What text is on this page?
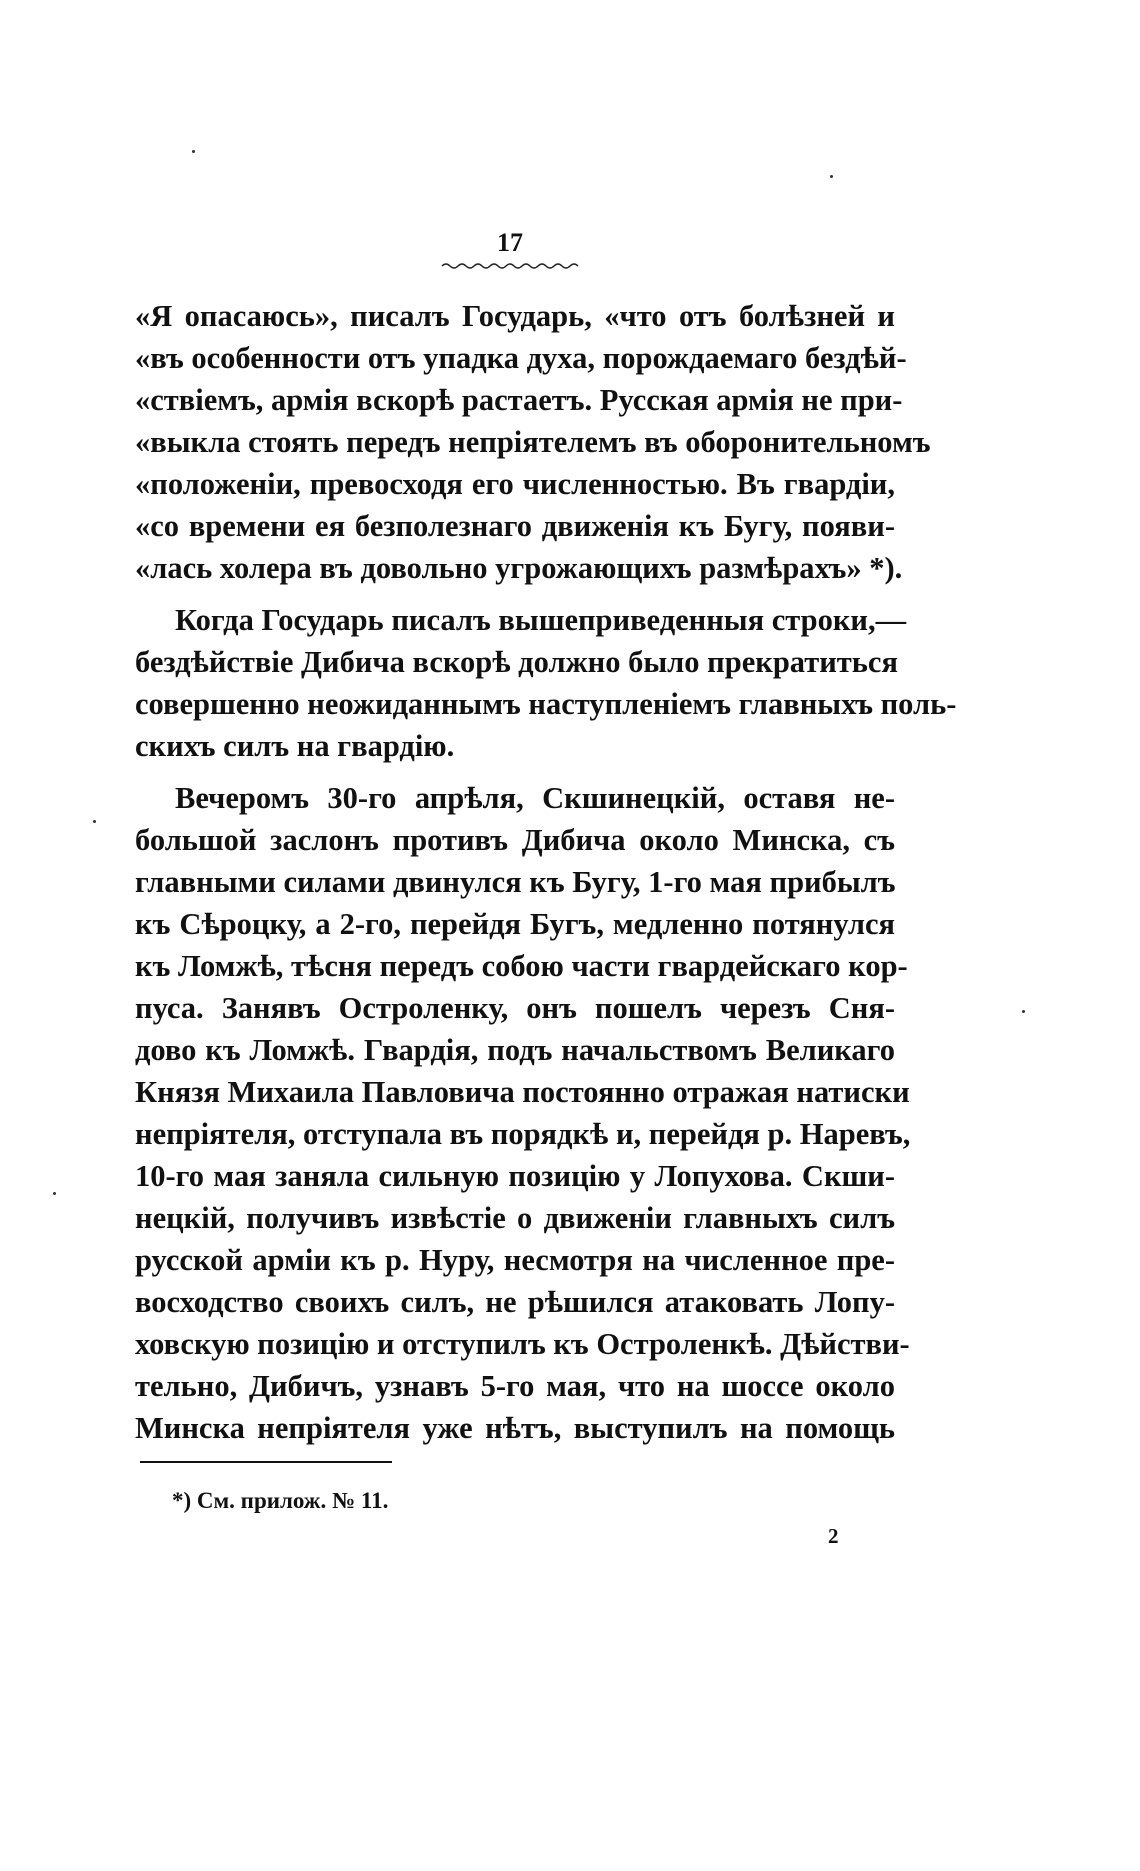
17
«Я опасаюсь», писалъ Государь, «что отъ болѣзней и
«въ особенности отъ упадка духа, порождаемаго бездѣй-
«ствіемъ, армія вскорѣ растаетъ. Русская армія не при-
«выкла стоять передъ непріятелемъ въ оборонительномъ
«положеніи, превосходя его численностью. Въ гвардіи,
«со времени ея безполезнаго движенія къ Бугу, появи-
«лась холера въ довольно угрожающихъ размѣрахъ» *).
Когда Государь писалъ вышеприведенныя строки,—
бездѣйствіе Дибича вскорѣ должно было прекратиться
совершенно неожиданнымъ наступленіемъ главныхъ поль-
скихъ силъ на гвардію.
Вечеромъ 30-го апрѣля, Скшинецкій, оставя не-
большой заслонъ противъ Дибича около Минска, съ
главными силами двинулся къ Бугу, 1-го мая прибылъ
къ Сѣроцку, а 2-го, перейдя Бугъ, медленно потянулся
къ Ломжѣ, тѣсня передъ собою части гвардейскаго кор-
пуса. Занявъ Остроленку, онъ пошелъ черезъ Сня-
дово къ Ломжѣ. Гвардія, подъ начальствомъ Великаго
Князя Михаила Павловича постоянно отражая натиски
непріятеля, отступала въ порядкѣ и, перейдя р. Наревъ,
10-го мая заняла сильную позицію у Лопухова. Скши-
нецкій, получивъ извѣстіе о движеніи главныхъ силъ
русской арміи къ р. Нуру, несмотря на численное пре-
восходство своихъ силъ, не рѣшился атаковать Лопу-
ховскую позицію и отступилъ къ Остроленкѣ. Дѣйстви-
тельно, Дибичъ, узнавъ 5-го мая, что на шоссе около
Минска непріятеля уже нѣтъ, выступилъ на помощь
*) См. прилож. № 11.
2
